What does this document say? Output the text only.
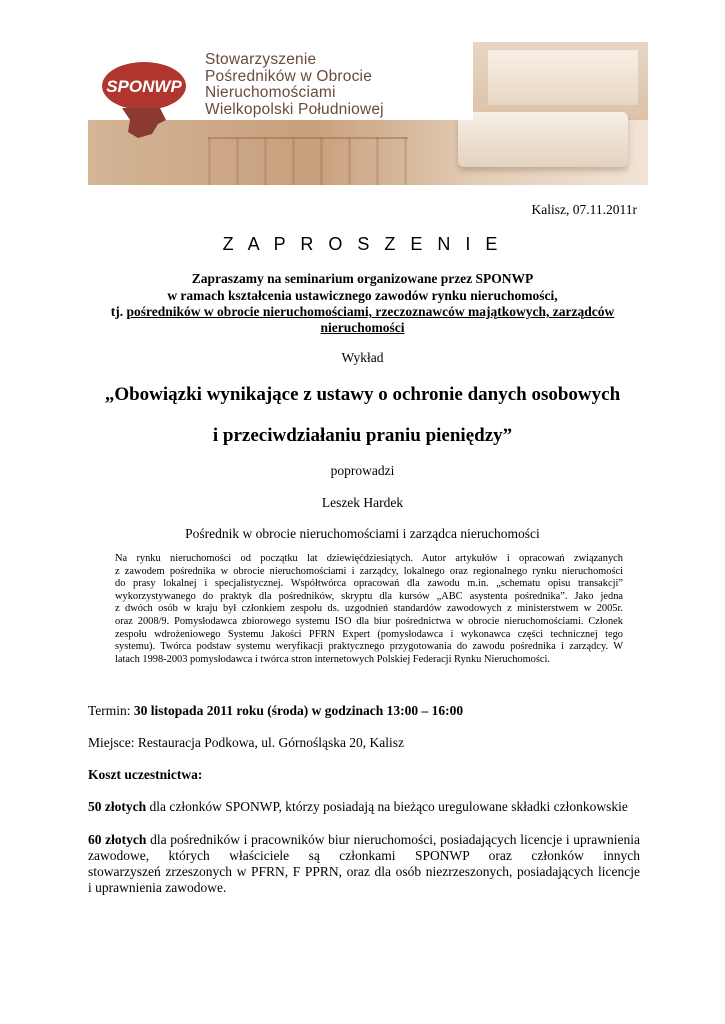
SPONWP
Stowarzyszenie
Pośredników w Obrocie
Nieruchomościami
Wielkopolski Południowej
Kalisz, 07.11.2011r
Z A P R O S Z E N I E
Zapraszamy na seminarium organizowane przez SPONWP
w ramach kształcenia ustawicznego zawodów rynku nieruchomości,
tj. pośredników w obrocie nieruchomościami, rzeczoznawców majątkowych, zarządców
nieruchomości
Wykład
„Obowiązki wynikające z ustawy o ochronie danych osobowych
i przeciwdziałaniu praniu pieniędzy”
poprowadzi
Leszek Hardek
Pośrednik w obrocie nieruchomościami i zarządca nieruchomości
Na rynku nieruchomości od początku lat dziewięćdziesiątych. Autor artykułów i opracowań związanych
z zawodem pośrednika w obrocie nieruchomościami i zarządcy, lokalnego oraz regionalnego rynku nieruchomości
do prasy lokalnej i specjalistycznej. Współtwórca opracowań dla zawodu m.in. „schematu opisu transakcji”
wykorzystywanego do praktyk dla pośredników, skryptu dla kursów „ABC asystenta pośrednika”. Jako jedna
z dwóch osób w kraju był członkiem zespołu ds. uzgodnień standardów zawodowych z ministerstwem w 2005r.
oraz 2008/9. Pomysłodawca zbiorowego systemu ISO dla biur pośrednictwa w obrocie nieruchomościami. Członek
zespołu wdrożeniowego Systemu Jakości PFRN Expert (pomysłodawca i wykonawca części technicznej tego
systemu). Twórca podstaw systemu weryfikacji praktycznego przygotowania do zawodu pośrednika i zarządcy. W
latach 1998-2003 pomysłodawca i twórca stron internetowych Polskiej Federacji Rynku Nieruchomości.
Termin: 30 listopada 2011 roku (środa) w godzinach 13:00 – 16:00
Miejsce: Restauracja Podkowa, ul. Górnośląska 20, Kalisz
Koszt uczestnictwa:
50 złotych dla członków SPONWP, którzy posiadają na bieżąco uregulowane składki członkowskie
60 złotych dla pośredników i pracowników biur nieruchomości, posiadających licencje i uprawnienia
zawodowe, których właściciele są członkami SPONWP oraz członków innych
stowarzyszeń zrzeszonych w PFRN, F PPRN, oraz dla osób niezrzeszonych, posiadających licencje
i uprawnienia zawodowe.
